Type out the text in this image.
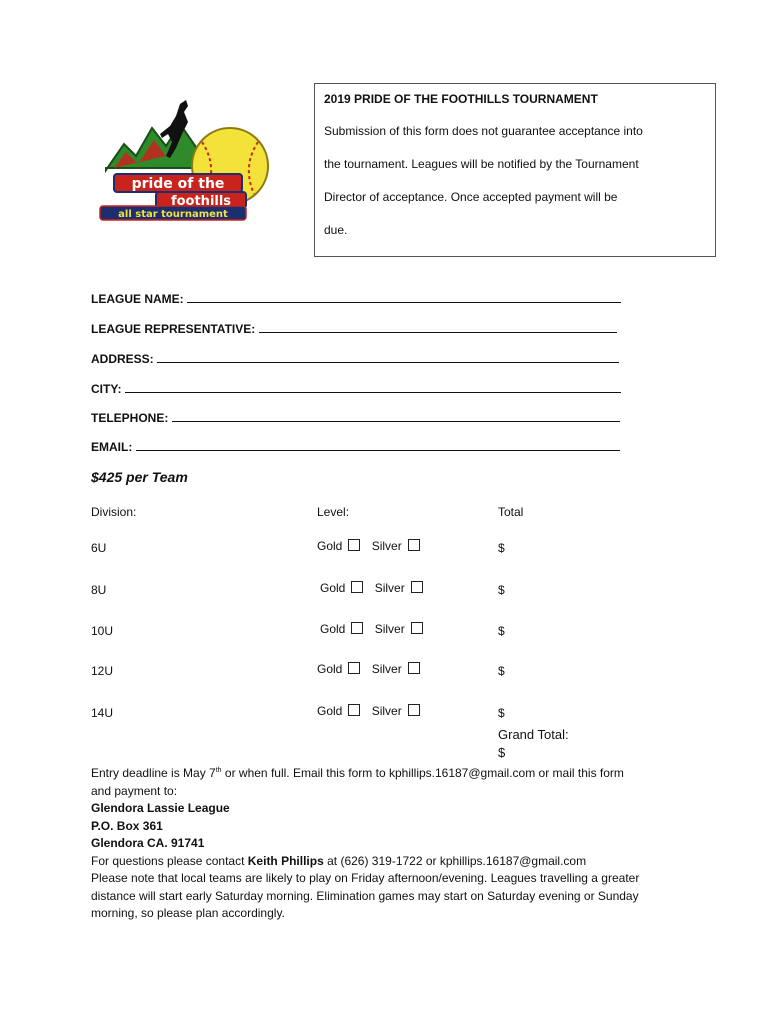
pride of the
foothills
all star tournament
2019 PRIDE OF THE FOOTHILLS TOURNAMENT
Submission of this form does not guarantee acceptance into
the tournament. Leagues will be notified by the Tournament
Director of acceptance. Once accepted payment will be
due.
LEAGUE NAME:
LEAGUE REPRESENTATIVE:
ADDRESS:
CITY:
TELEPHONE:
EMAIL:
$425 per Team
Division:	Level:	Total
6U	Gold Silver	$
8U	Gold Silver	$
10U	Gold Silver	$
12U	Gold Silver	$
14U	Gold Silver	$
Grand Total:
$
Entry deadline is May 7th or when full. Email this form to kphillips.16187@gmail.com or mail this form
and payment to:
Glendora Lassie League
P.O. Box 361
Glendora CA. 91741
For questions please contact Keith Phillips at (626) 319-1722 or kphillips.16187@gmail.com
Please note that local teams are likely to play on Friday afternoon/evening. Leagues travelling a greater
distance will start early Saturday morning. Elimination games may start on Saturday evening or Sunday
morning, so please plan accordingly.
